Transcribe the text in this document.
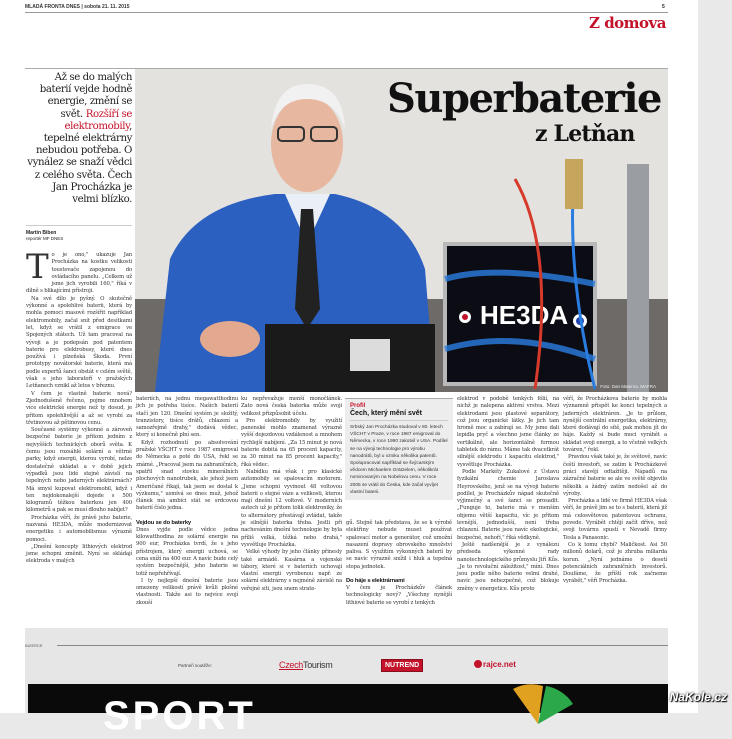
MLADÁ FRONTA DNES | sobota 21. 11. 2015	5
Z domova
Až se do malých baterií vejde hodně energie, změní se svět. Rozšíří se elektromobily, tepelné elektrárny nebudou potřeba. O vynález se snaží vědci z celého světa. Čech Jan Procházka je velmi blízko.
Martin Biben
reportér MF DNES
HE3DA
Superbaterie
z Letňan
Foto: Dan Materna, MAFRA
T o je ono," ukazuje Jan Procházka na kostku velikosti toustovače zapojenou do ovládacího panelu. „Celkem už jsme jich vyrobili 160," říká v dílně s blikajícími přístroji.

Na své dílo je pyšný. O skutečně výkonné a spolehlivé baterii, která by mohla pomoci masově rozšířit například elektromobily, začal snít před desítkami let, když se vrátil z emigrace ve Spojených státech. Už tam pracoval na vývoji a je podepsán pod patentem baterie pro elektrobusy, které dnes používá i plzeňská Škoda. První prototypy novátorské baterie, která má podle expertů šanci obstát v celém světě, však s jeho laboratoří v pražských Letňanech vznikl až letos v březnu.

V čem je vlastně baterie nová? Zjednodušeně řečeno, pojme mnohem více elektrické energie než ty dosud, je přitom spolehlivější a až se vyrobí za třetinovou až pětinovou cenu.

Současné systémy výkonné a zároveň bezpečné baterie je přitom jedním z nejvyšších technických oborů světa. K čemu jsou rozsáhlé solární a větrné parky, když energii, kterou vyrobí, nelze dostatečně ukládat a v době jejich výpadků jsou lidé stejně závislí na tepelných nebo jaderných elektrárnách? Má smysl kupovat elektromobil, když i ten nejdokonalejší dojede s 500 kilogramů těžkou baterkou jen 400 kilometrů a pak se musí dlouho nabíjet?

Procházka věří, že právě jeho baterie, nazvaná HE3DA, může modernizovat energetiku i automobilismus výrazně pomoci.

„Dnešní koncepty lithiových elektrod jsme schopni změnit. Nyní se skládají elektroda v malých

bateriích, na jednu megawatthodinu jich je potřeba tisíce. Našich baterií stačí jen 120. Dnešní systém je složitý, tranzistory, tisíce drátů, chlazení a samozřejmě drahý," dodává vědec, který si konečně plní sen.

Když rozhodnutí po absolvování pražské VŠCHT v roce 1987 emigroval do Německa a poté do USA, řekl se známé. „Pracoval jsem na zahraničních, spatřil snad stovku minerálních plochových nanotrubek, ale jehož jsem Američané říkají, tak jsem se dostal k výzkumu," usmívá se dnes muž, jehož článek má ambici stát se srdcovou baterií číslo jedna.

Vejdou se do baterky

Dnes vyjde podle vědce jedna kilowatthodina ze solární energie na 900 eur, Procházka tvrdí, že s jeho přístrojem, který energii uchová, se cena sníží na 400 eur. A navíc bude celý systém bezpečnější, jeho baterie se totiž nepřehřívají.

I ty nejlepší dnešní baterie jsou omezeny velikostí právě kvůli plošné vlastnosti. Takže asi to nejvíce svojí zkouší

ku nepřevažuje menší monočlánek. Zato nová česká baterka může svoji velikost přizpůsobit účelu.

Pro elektromobily by využití panenské mohlo znamenat výrazně vyšší dojezdovou vzdálenost a mnohem rychlejší nabíjení. „Za 15 minut je nová baterie dobitá na 65 procent kapacity, za 30 minut na 85 procent kapacity," říká vědec.

Nabídku má však i pro klasické automobily se spalovacím motorem. „Jsme schopni vyvinout 48 voltovou baterii o stejné váze a velikosti, kterou mají dnešní 12 voltové. V moderních autech už je přitom tolik elektroniky, že to alternátory přestávají zvládat, takže je silnější baterka třeba. Jestli při nacheváním dnešní technologie by byla příliš velká, těžká nebo drahá," vysvětluje Procházka.

Velké výhody by jeho články přinesly také armádě. Kasárna a vojenské tábory, které si v bateriích uchovají vlastní energii vyrobenou např. ze solární elektrárny s nejméně závislé na veřejné síti, jsou snem strate-

Profil
Čech, který mění svět
Srbský Jan Procházka studoval v 80. letech VŠCHT v Praze, v roce 1987 emigroval do Německa, v roce 1990 zakotvil v USA. Podílel se na vývoji technologie pro výrobu nanodrátů, byl u vzniku několika patentů. Spolupracoval například se švýcarským vědcem Michaelem Grätzelem, několikrát nominovaným na Nobelovu cenu. V roce 2005 se vrátil do Česka, kde začal vyvíjet vlastní baterii.

gů. Stejně tak představa, že se k výrobě elektřiny nebude muset používat spalovací motor a generátor, což umožní nasazení dopravy obrovského množství paliva. S využitím výkonných baterií by se navíc výrazně snížil i hluk a tepelná stopa jednotek.

Do háje s elektrárnami

V čem je Procházkův článek technologicky nový? „Všechny nynější lithiové baterie se vyrobí z tenkých

elektrod v podobě tenkých fólií, na nichž je nalepena aktivní vrstva. Mezi elektrodami jsou plastové separátory, což jsou organické látky. Je jich tam hromě moc a zabírají se. My jsme dali lepidla pryč a všechno jsme články ze vertikálně, ale horizontálně formou tabletek do rámu. Máme tak dvacetkrát silnější elektrodu i kapacitu elektrod," vysvětluje Procházka.

Podle Markéty Zukalové z Ústavu fyzikální chemie Jaroslava Heyrovského, jenž se na vývoji baterie podílel, je Procházkův nápad skutečně výjimečný a své šanci se prosadit. „Funguje to, baterie má v menším objemu větší kapacitu, víc je přitom levnější, jednodušší, není třeba chlazení. Baterie jsou navíc ekologické, bezpečné, nehoří," říká vědkyně.

Ještě nadšenější je z vynálezu předseda výkonné rady nanotechnologického průmyslu Jiří Kůs. „Je to revoluční záležitost," míní. Dnes jsou podle něho baterie velmi drahé, navíc jsou nebezpečné, což blokuje změny v energetice. Kůs proto

věří, že Procházkova baterie by mohla významně přispět ke konci tepelných a jaderných elektráren. „Je to průlom, nynější centrální energetika, elektrárny, které dodávají do sítě, pak mohou jít do háje. Každý si bude moci vyrábět a skládat svoji energii, a to včetně velkých továren," řekl.

Pravdou však také je, že světově, navíc čeští investoři, se zatím k Procházkově práci stavějí odtažitěji. Nápadů na zázračné baterie se ale ve světě objevilo několik a žádný zatím nedošel až do výroby.

Procházka a lidé ve firmě HE3DA však věří, že právě jim se to s baterií, která již má celosvětovou patentovou ochranu, povede. Vyrábět chtějí začít dříve, než svoji továrnu spustí v Nevadě firmy Tesla a Panasonic.

Co k tomu chybí? Maličkost. Asi 50 milionů dolarů, což je zhruba miliarda korun. „Nyní jednáme o desetí potenciálních zahraničních investorů. Doufáme, že příští rok začneme vyrábět," věří Procházka.

INZERCE
Partneři soutěže:	CzechTourism	NUTREND	rajce.net
SPORT	NaKole.cz
